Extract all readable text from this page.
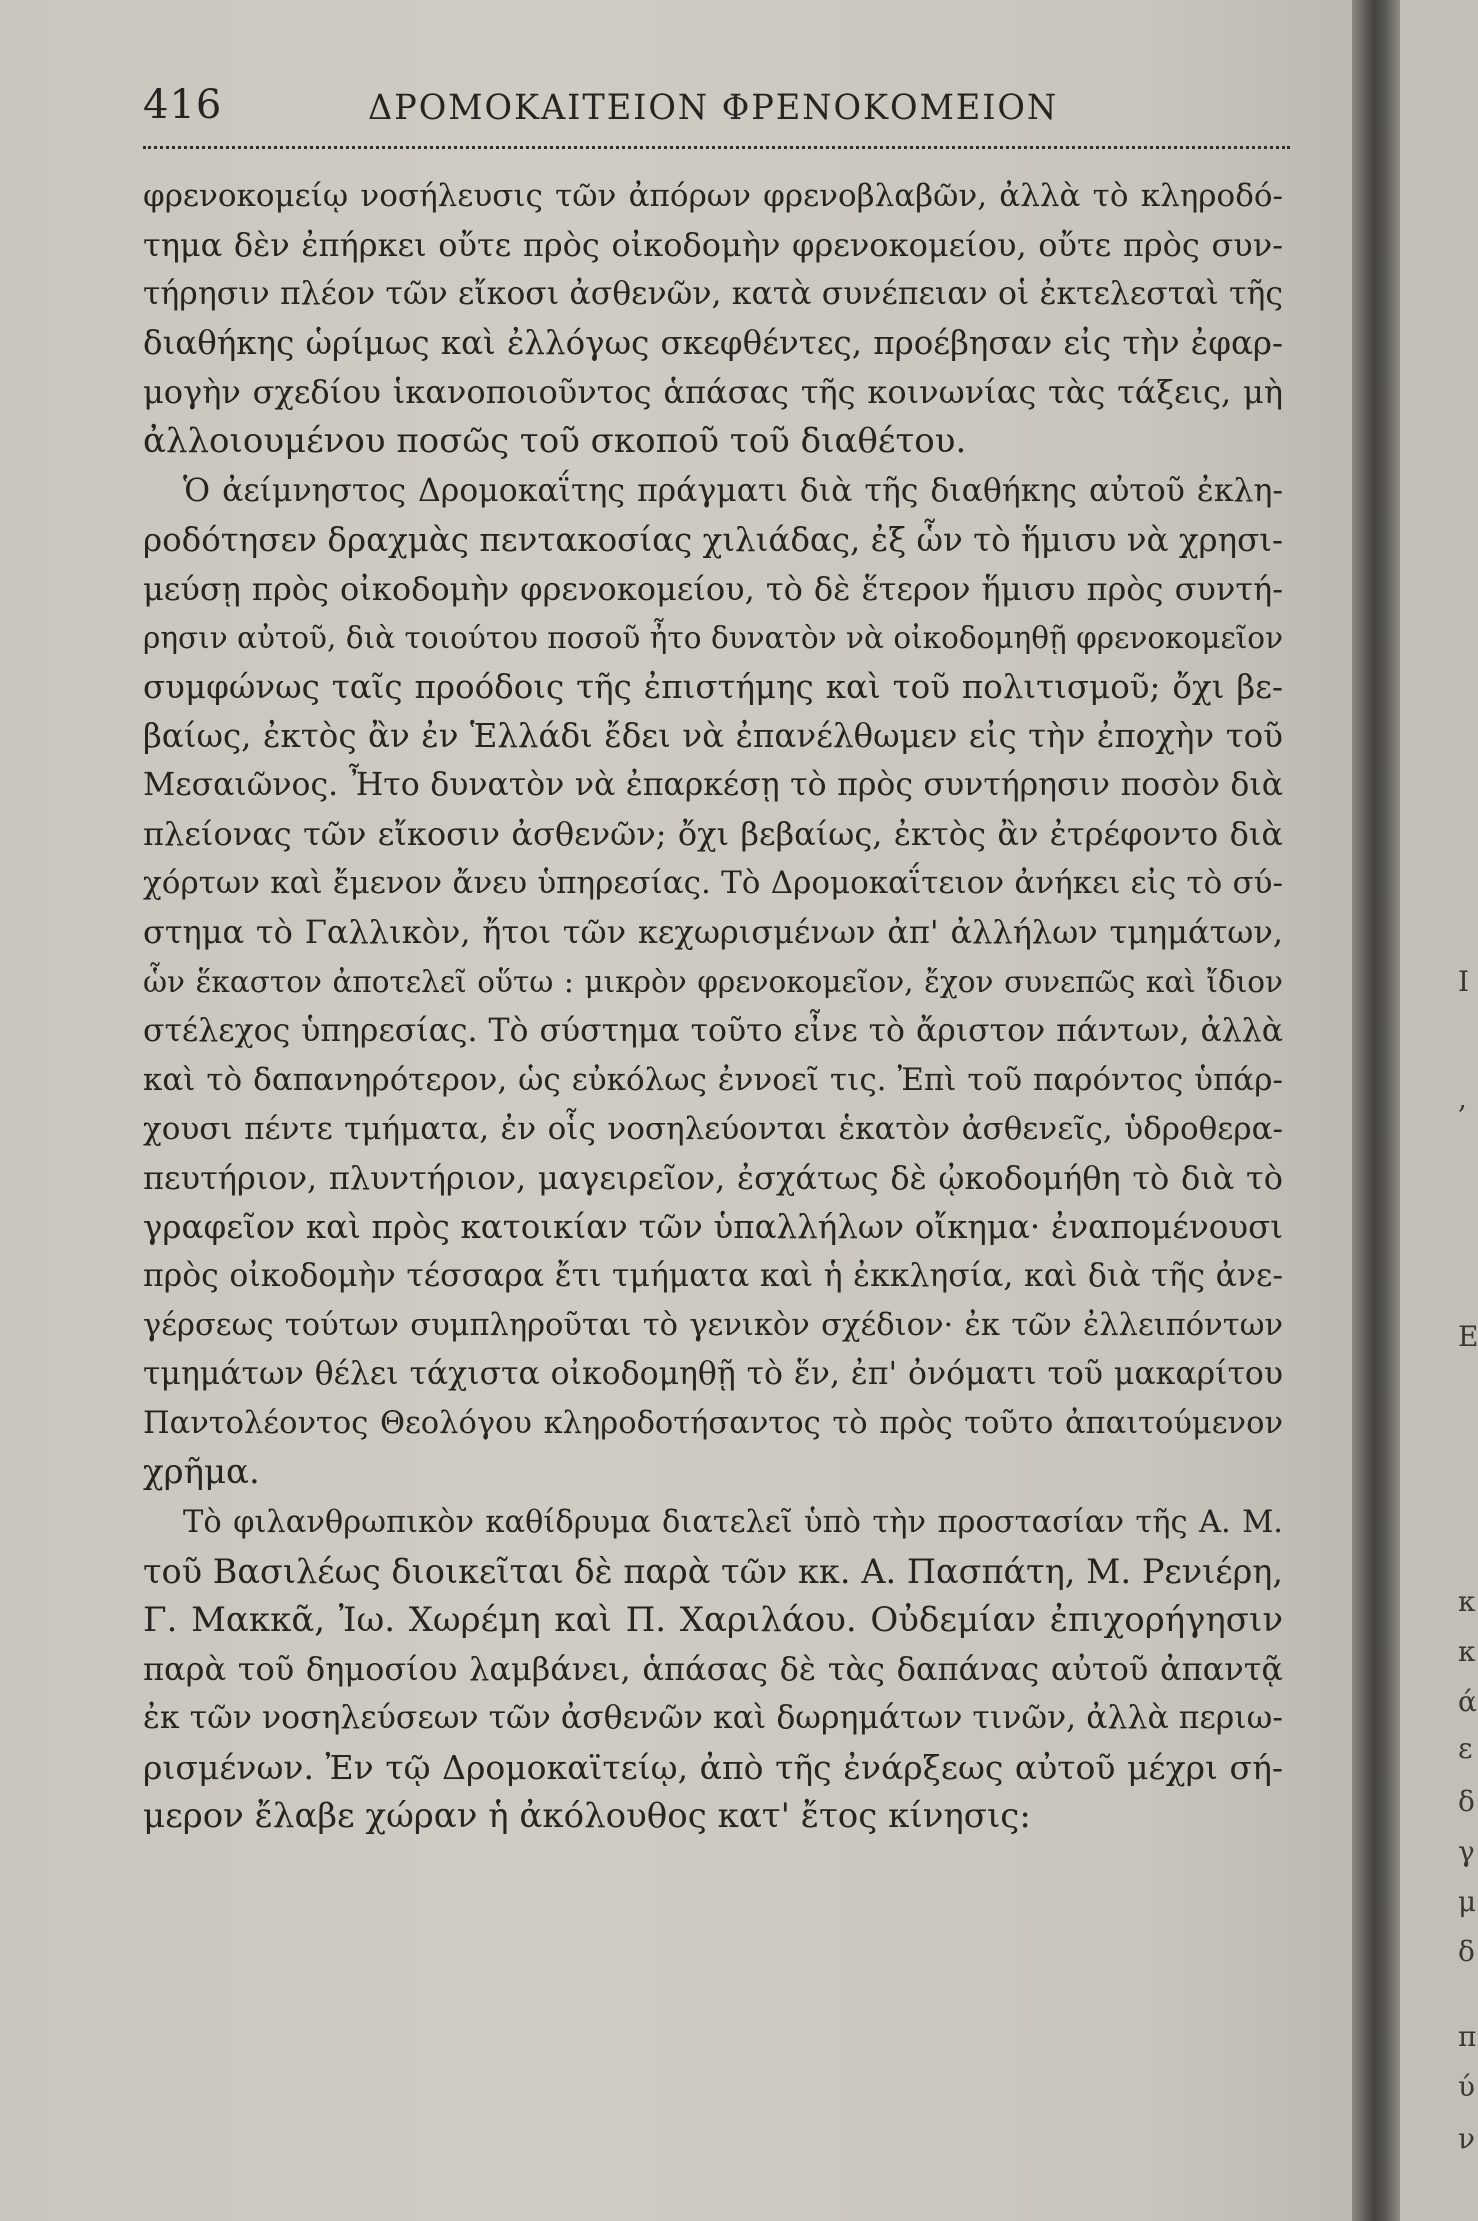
416	ΔΡΟΜΟΚΑΙΤΕΙΟΝ ΦΡΕΝΟΚΟΜΕΙΟΝ
φρενοκομείῳ νοσήλευσις τῶν ἀπόρων φρενοβλαβῶν, ἀλλὰ τὸ κληροδό-
τημα δὲν ἐπήρκει οὔτε πρὸς οἰκοδομὴν φρενοκομείου, οὔτε πρὸς συν-
τήρησιν πλέον τῶν εἴκοσι ἀσθενῶν, κατὰ συνέπειαν οἱ ἐκτελεσταὶ τῆς
διαθήκης ὡρίμως καὶ ἐλλόγως σκεφθέντες, προέβησαν εἰς τὴν ἐφαρ-
μογὴν σχεδίου ἱκανοποιοῦντος ἁπάσας τῆς κοινωνίας τὰς τάξεις, μὴ
ἀλλοιουμένου ποσῶς τοῦ σκοποῦ τοῦ διαθέτου.
Ὁ ἀείμνηστος Δρομοκαΐτης πράγματι διὰ τῆς διαθήκης αὐτοῦ ἐκλη-
ροδότησεν δραχμὰς πεντακοσίας χιλιάδας, ἐξ ὧν τὸ ἥμισυ νὰ χρησι-
μεύσῃ πρὸς οἰκοδομὴν φρενοκομείου, τὸ δὲ ἕτερον ἥμισυ πρὸς συντή-
ρησιν αὐτοῦ, διὰ τοιούτου ποσοῦ ἦτο δυνατὸν νὰ οἰκοδομηθῇ φρενοκομεῖον
συμφώνως ταῖς προόδοις τῆς ἐπιστήμης καὶ τοῦ πολιτισμοῦ; ὄχι βε-
βαίως, ἐκτὸς ἂν ἐν Ἑλλάδι ἔδει νὰ ἐπανέλθωμεν εἰς τὴν ἐποχὴν τοῦ
Μεσαιῶνος. Ἦτο δυνατὸν νὰ ἐπαρκέσῃ τὸ πρὸς συντήρησιν ποσὸν διὰ
πλείονας τῶν εἴκοσιν ἀσθενῶν; ὄχι βεβαίως, ἐκτὸς ἂν ἐτρέφοντο διὰ
χόρτων καὶ ἔμενον ἄνευ ὑπηρεσίας. Τὸ Δρομοκαΐτειον ἀνήκει εἰς τὸ σύ-
στημα τὸ Γαλλικὸν, ἤτοι τῶν κεχωρισμένων ἀπ' ἀλλήλων τμημάτων,
ὧν ἕκαστον ἀποτελεῖ οὕτω : μικρὸν φρενοκομεῖον, ἔχον συνεπῶς καὶ ἴδιον
στέλεχος ὑπηρεσίας. Τὸ σύστημα τοῦτο εἶνε τὸ ἄριστον πάντων, ἀλλὰ
καὶ τὸ δαπανηρότερον, ὡς εὐκόλως ἐννοεῖ τις. Ἐπὶ τοῦ παρόντος ὑπάρ-
χουσι πέντε τμήματα, ἐν οἷς νοσηλεύονται ἑκατὸν ἀσθενεῖς, ὑδροθερα-
πευτήριον, πλυντήριον, μαγειρεῖον, ἐσχάτως δὲ ᾠκοδομήθη τὸ διὰ τὸ
γραφεῖον καὶ πρὸς κατοικίαν τῶν ὑπαλλήλων οἴκημα· ἐναπομένουσι
πρὸς οἰκοδομὴν τέσσαρα ἔτι τμήματα καὶ ἡ ἐκκλησία, καὶ διὰ τῆς ἀνε-
γέρσεως τούτων συμπληροῦται τὸ γενικὸν σχέδιον· ἐκ τῶν ἐλλειπόντων
τμημάτων θέλει τάχιστα οἰκοδομηθῇ τὸ ἕν, ἐπ' ὀνόματι τοῦ μακαρίτου
Παντολέοντος Θεολόγου κληροδοτήσαντος τὸ πρὸς τοῦτο ἀπαιτούμενον
χρῆμα.
Τὸ φιλανθρωπικὸν καθίδρυμα διατελεῖ ὑπὸ τὴν προστασίαν τῆς Α. Μ.
τοῦ Βασιλέως διοικεῖται δὲ παρὰ τῶν κκ. Α. Πασπάτη, Μ. Ρενιέρη,
Γ. Μακκᾶ, Ἰω. Χωρέμη καὶ Π. Χαριλάου. Οὐδεμίαν ἐπιχορήγησιν
παρὰ τοῦ δημοσίου λαμβάνει, ἁπάσας δὲ τὰς δαπάνας αὐτοῦ ἀπαντᾷ
ἐκ τῶν νοσηλεύσεων τῶν ἀσθενῶν καὶ δωρημάτων τινῶν, ἀλλὰ περιω-
ρισμένων. Ἐν τῷ Δρομοκαϊτείῳ, ἀπὸ τῆς ἐνάρξεως αὐτοῦ μέχρι σή-
μερον ἔλαβε χώραν ἡ ἀκόλουθος κατ' ἔτος κίνησις:
I
,
E
κ
κ
ά
ε
δ
γ
μ
δ
π
ύ
ν
